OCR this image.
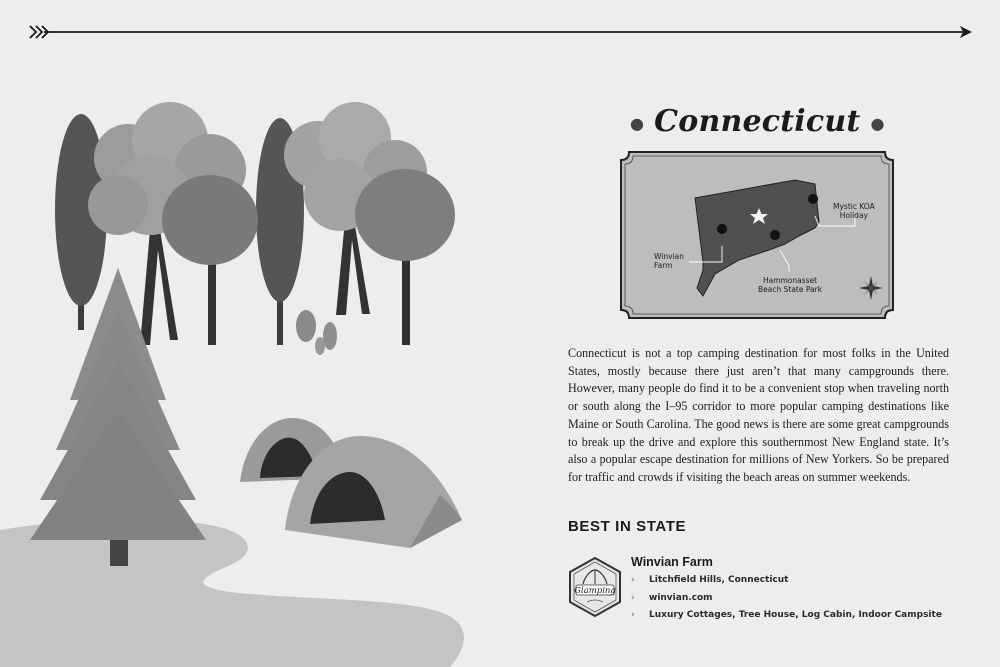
● Connecticut ●
Mystic KOA
Holiday
Winvian
Farm
Hammonasset
Beach State Park

Connecticut is not a top camping destination for most folks in the United States, mostly because there just aren’t that many campgrounds there. However, many people do find it to be a convenient stop when traveling north or south along the I–95 corridor to more popular camping destinations like Maine or South Carolina. The good news is there are some great campgrounds to break up the drive and explore this southernmost New England state. It’s also a popular escape destination for millions of New Yorkers. So be prepared for traffic and crowds if visiting the beach areas on summer weekends.

BEST IN STATE
Glamping
Winvian Farm
› Litchfield Hills, Connecticut
› winvian.com
› Luxury Cottages, Tree House, Log Cabin, Indoor Campsite
